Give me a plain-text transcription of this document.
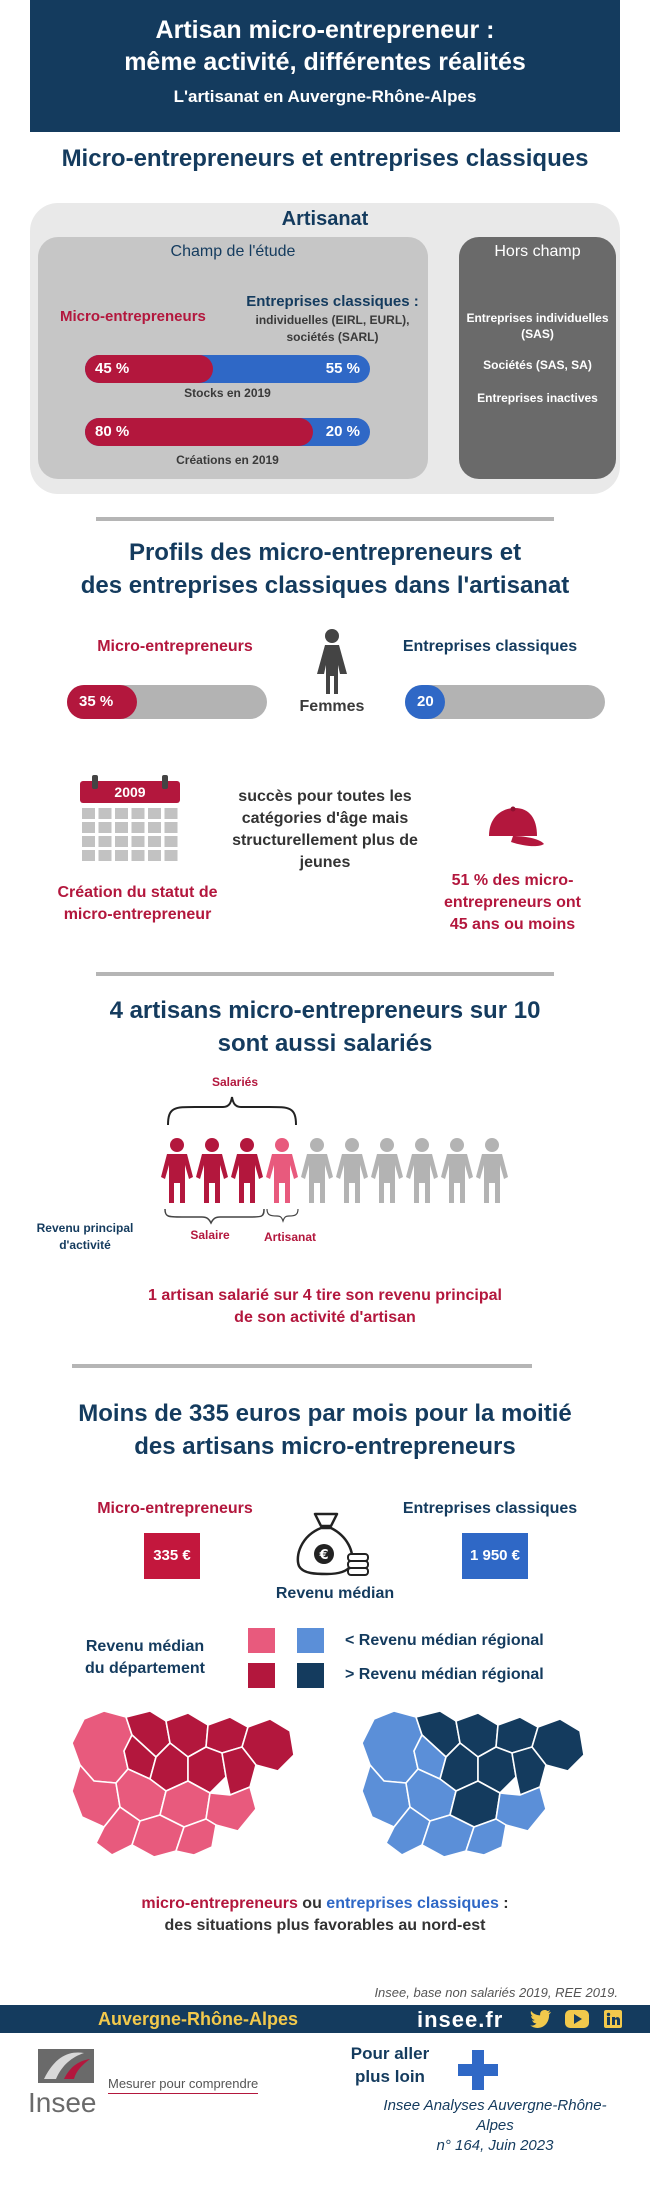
Artisan micro-entrepreneur :
même activité, différentes réalités
L'artisanat en Auvergne-Rhône-Alpes
Micro-entrepreneurs et entreprises classiques
Artisanat
Champ de l'étude
Micro-entrepreneurs
Entreprises classiques :
individuelles (EIRL, EURL),
sociétés (SARL)
45 %	55 %
Stocks en 2019
80 %	20 %
Créations en 2019
Hors champ
Entreprises individuelles
(SAS)
Sociétés (SAS, SA)
Entreprises inactives
Profils des micro-entrepreneurs et
des entreprises classiques dans l'artisanat
Micro-entrepreneurs	Entreprises classiques
Femmes
35 %	20 %
2009
Création du statut de
micro-entrepreneur
succès pour toutes les
catégories d'âge mais
structurellement plus de
jeunes
51 % des micro-
entrepreneurs ont
45 ans ou moins
4 artisans micro-entrepreneurs sur 10
sont aussi salariés
Salariés
Revenu principal
d'activité
Salaire	Artisanat
1 artisan salarié sur 4 tire son revenu principal
de son activité d'artisan
Moins de 335 euros par mois pour la moitié
des artisans micro-entrepreneurs
Micro-entrepreneurs	Entreprises classiques
335 €	1 950 €
€
Revenu médian
Revenu médian
du département
< Revenu médian régional
> Revenu médian régional
micro-entrepreneurs ou entreprises classiques :
des situations plus favorables au nord-est
Insee, base non salariés 2019, REE 2019.
Auvergne-Rhône-Alpes	insee.fr
Insee
Mesurer pour comprendre
Pour aller
plus loin
Insee Analyses Auvergne-Rhône-Alpes
n° 164, Juin 2023
